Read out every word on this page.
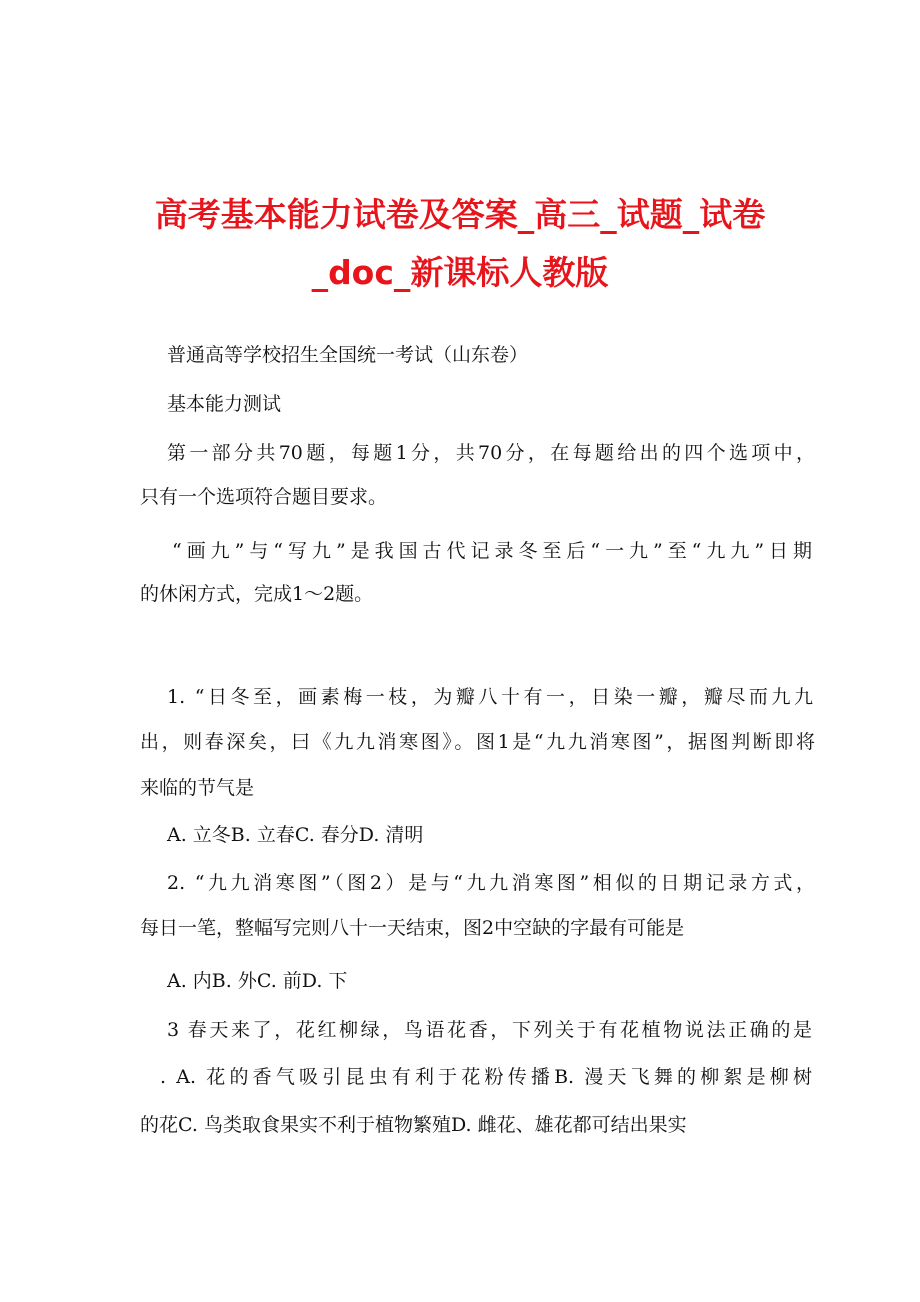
高考基本能力试卷及答案_高三_试题_试卷
_doc_新课标人教版
普通高等学校招生全国统一考试（山东卷）
基本能力测试
第一部分共70题，每题1分，共70分，在每题给出的四个选项中，
只有一个选项符合题目要求。
“画九”与“写九”是我国古代记录冬至后“一九”至“九九”日期
的休闲方式，完成1～2题。
1. “日冬至，画素梅一枝，为瓣八十有一，日染一瓣，瓣尽而九九
出，则春深矣，曰《九九消寒图》。图1是“九九消寒图”，据图判断即将
来临的节气是
A. 立冬B. 立春C. 春分D. 清明
2. “九九消寒图”（图2）是与“九九消寒图”相似的日期记录方式，
每日一笔，整幅写完则八十一天结束，图2中空缺的字最有可能是
A. 内B. 外C. 前D. 下
3 春天来了，花红柳绿，鸟语花香，下列关于有花植物说法正确的是
. A. 花的香气吸引昆虫有利于花粉传播B. 漫天飞舞的柳絮是柳树
的花C. 鸟类取食果实不利于植物繁殖D. 雌花、雄花都可结出果实
